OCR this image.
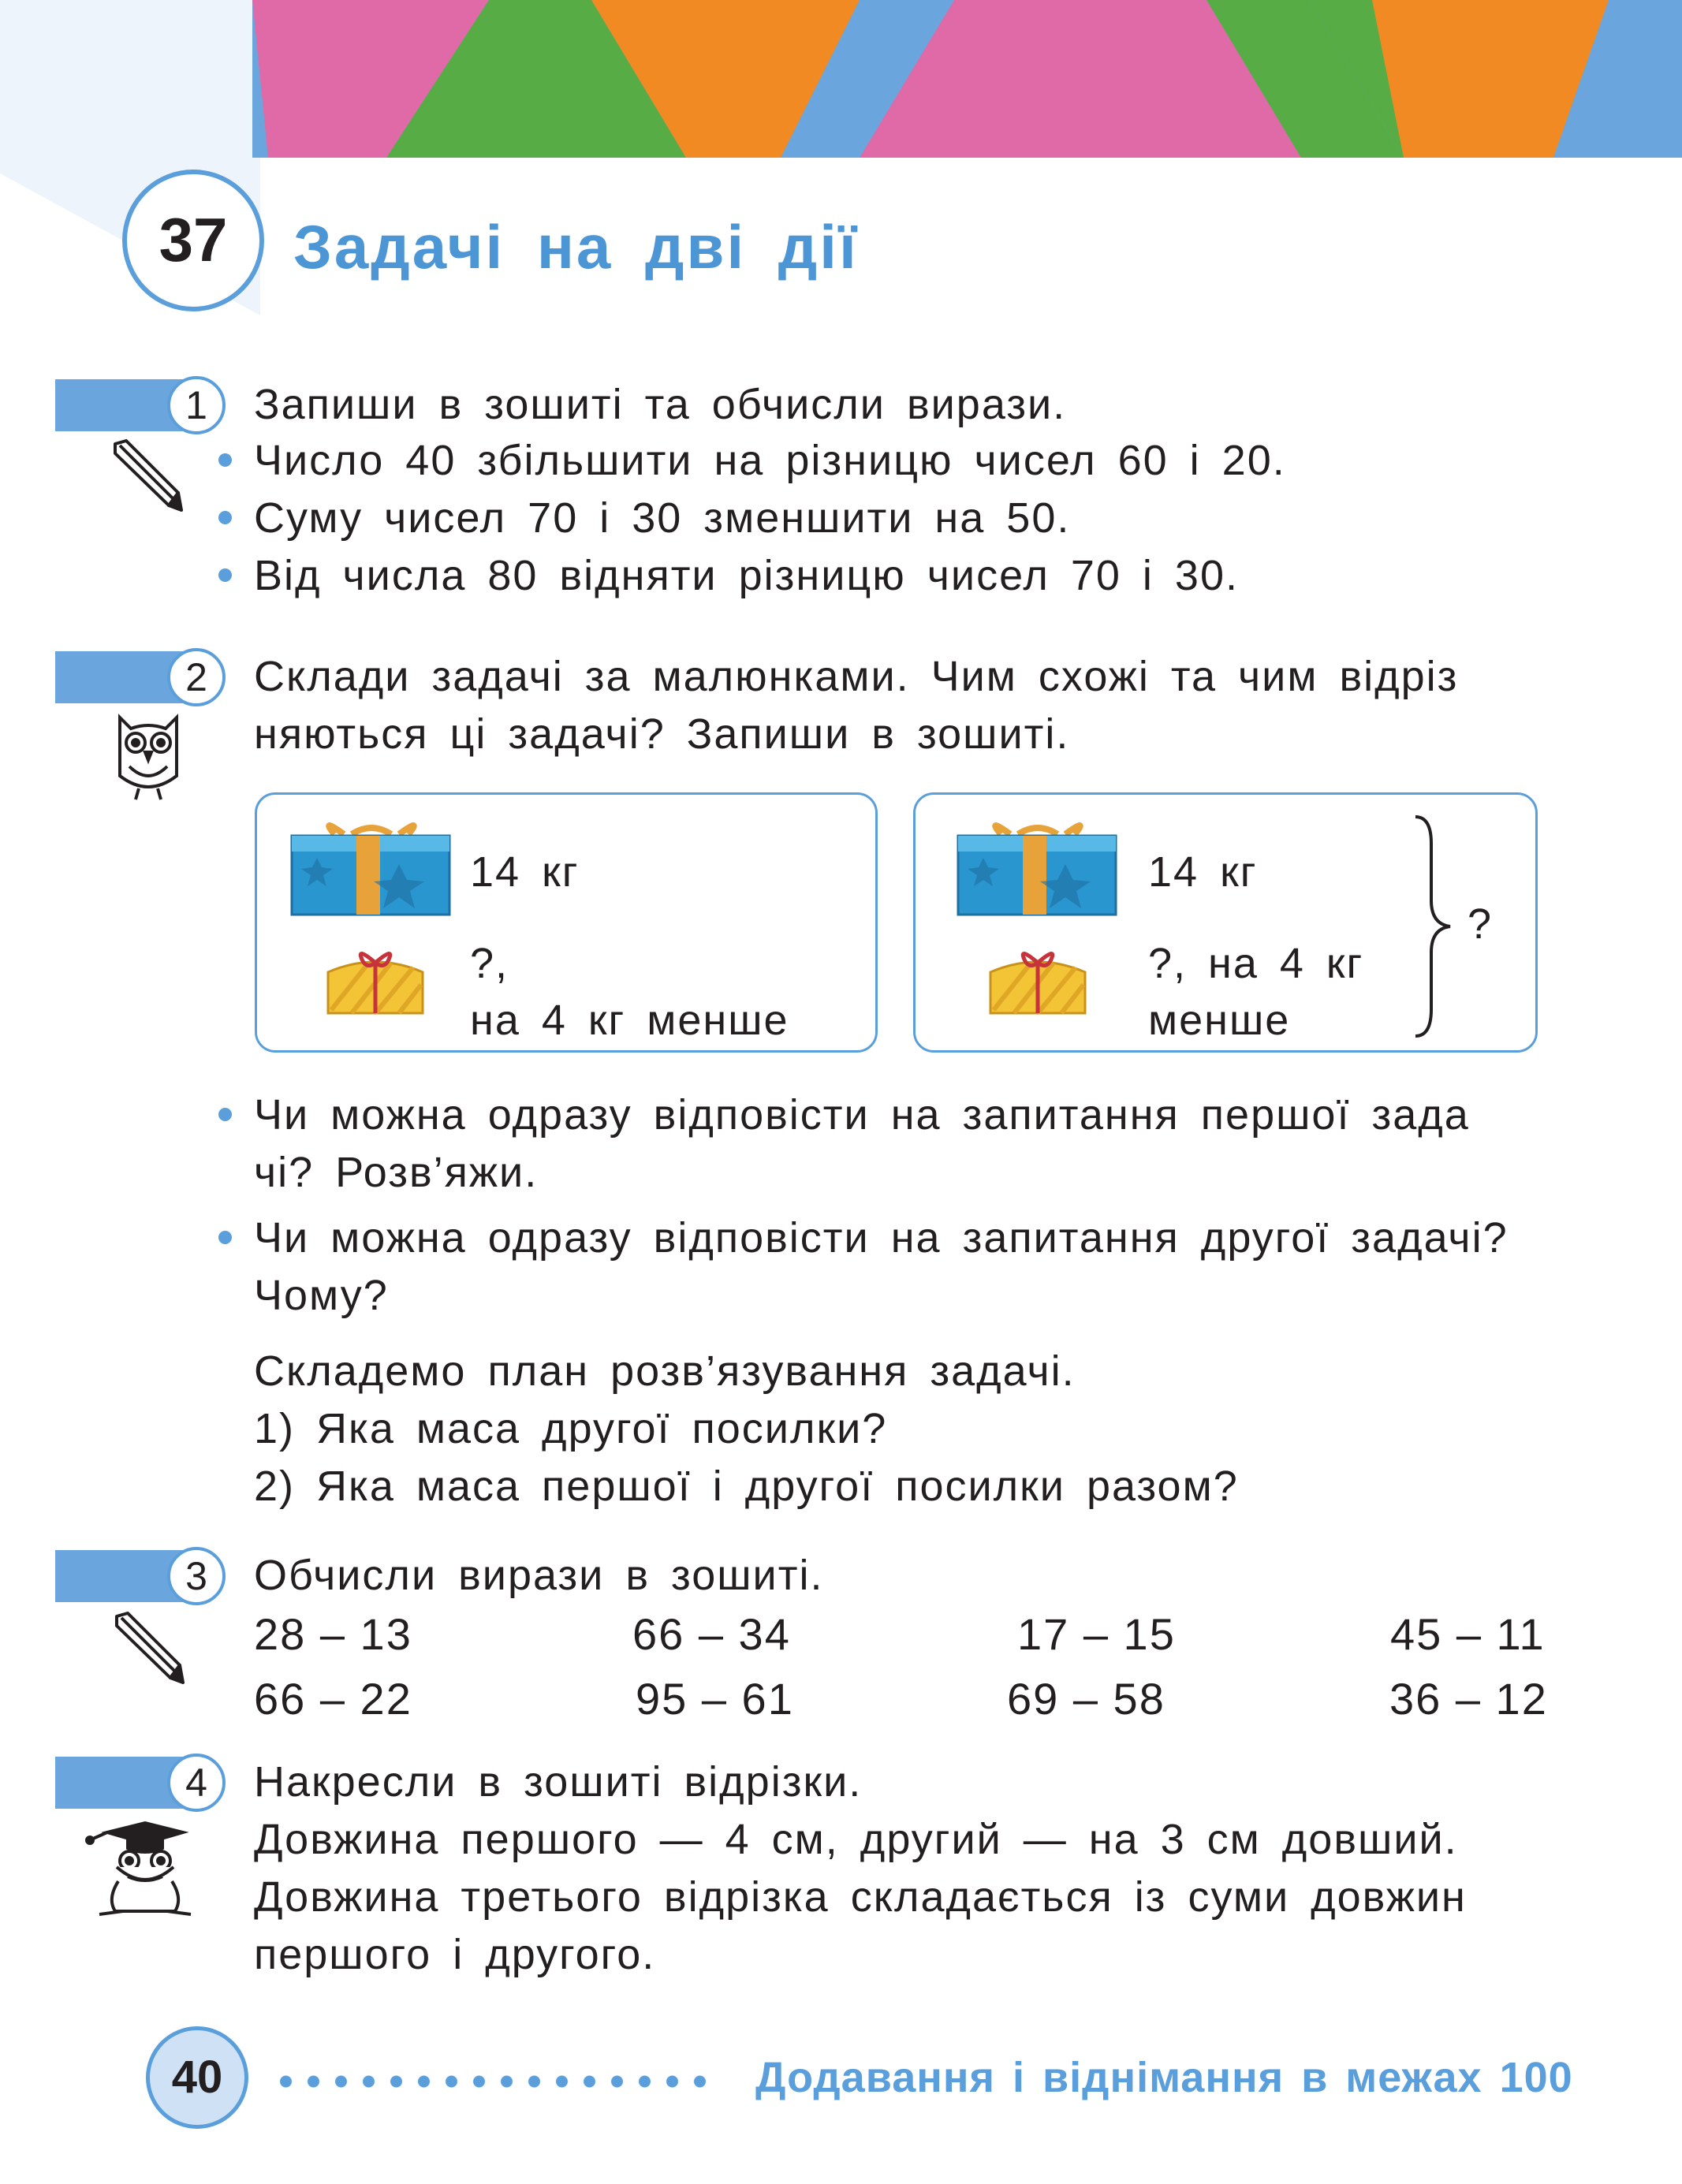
37	Задачі на дві дії
1	Запиши в зошиті та обчисли вирази.
Число 40 збільшити на різницю чисел 60 і 20.
Суму чисел 70 і 30 зменшити на 50.
Від числа 80 відняти різницю чисел 70 і 30.
2	Склади задачі за малюнками. Чим схожі та чим відріз
няються ці задачі? Запиши в зошиті.
14 кг
?,
на 4 кг менше
14 кг
?, на 4 кг
менше
?
Чи можна одразу відповісти на запитання першої зада
чі? Розв’яжи.
Чи можна одразу відповісти на запитання другої задачі?
Чому?
Складемо план розв’язування задачі.
1) Яка маса другої посилки?
2) Яка маса першої і другої посилки разом?
3	Обчисли вирази в зошиті.
28 – 13	66 – 34	17 – 15	45 – 11
66 – 22	95 – 61	69 – 58	36 – 12
4	Накресли в зошиті відрізки.
Довжина першого — 4 см, другий — на 3 см довший.
Довжина третього відрізка складається із суми довжин
першого і другого.
40	Додавання і віднімання в межах 100
